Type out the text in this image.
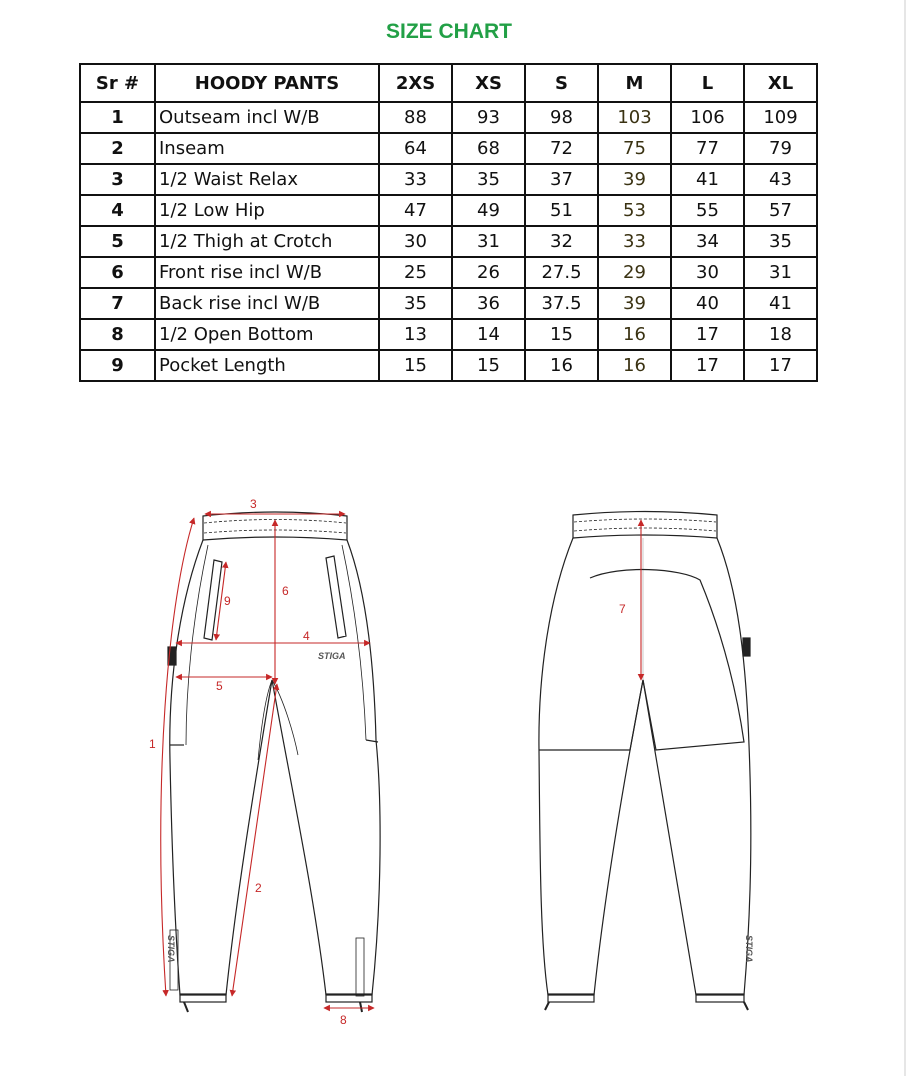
SIZE CHART
Sr #	HOODY PANTS	2XS	XS	S	M	L	XL
1	Outseam incl W/B	88	93	98	103	106	109
2	Inseam	64	68	72	75	77	79
3	1/2 Waist Relax	33	35	37	39	41	43
4	1/2 Low Hip	47	49	51	53	55	57
5	1/2 Thigh at Crotch	30	31	32	33	34	35
6	Front rise incl W/B	25	26	27.5	29	30	31
7	Back rise incl W/B	35	36	37.5	39	40	41
8	1/2 Open Bottom	13	14	15	16	17	18
9	Pocket Length	15	15	16	16	17	17
STIGA
3
1
6
4
5
2
8
9
7
STIGA
STIGA
